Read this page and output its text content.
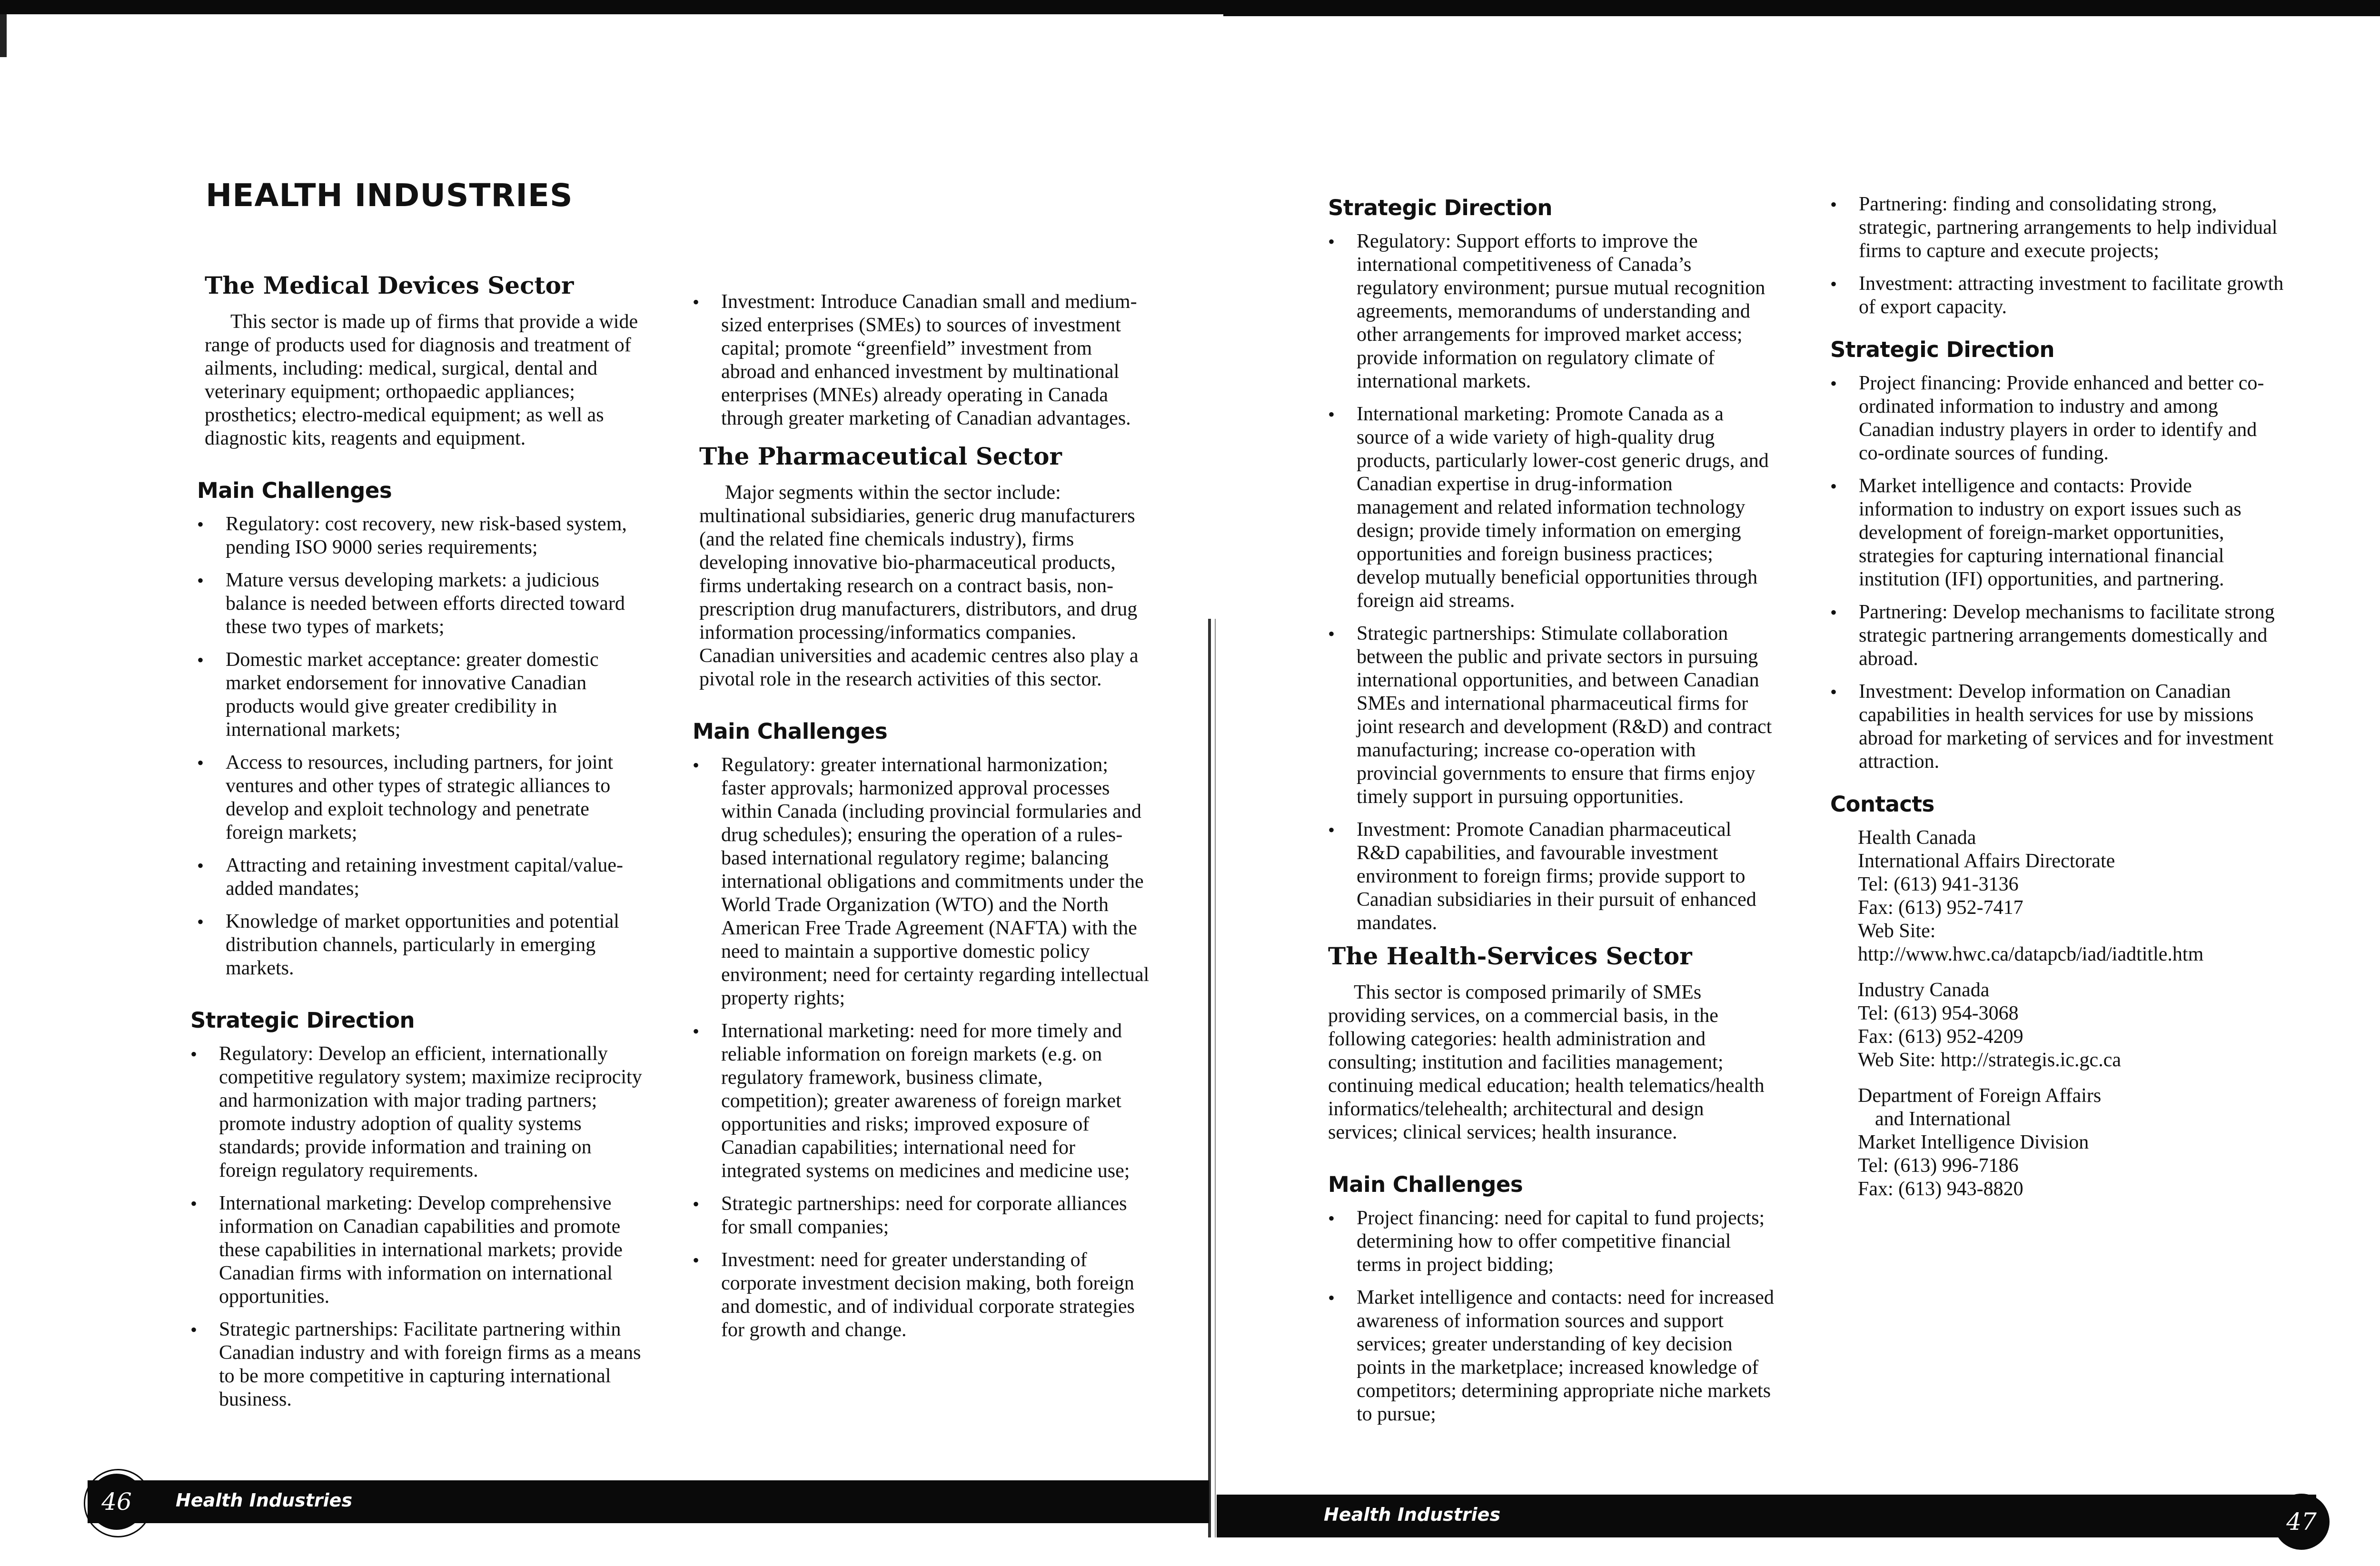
HEALTH INDUSTRIES
The Medical Devices Sector

This sector is made up of firms that provide a wide range of products used for diagnosis and treatment of ailments, including: medical, surgical, dental and veterinary equipment; orthopaedic appliances; prosthetics; electro-medical equipment; as well as diagnostic kits, reagents and equipment.

Main Challenges
• Regulatory: cost recovery, new risk-based system, pending ISO 9000 series requirements;
• Mature versus developing markets: a judicious balance is needed between efforts directed toward these two types of markets;
• Domestic market acceptance: greater domestic market endorsement for innovative Canadian products would give greater credibility in international markets;
• Access to resources, including partners, for joint ventures and other types of strategic alliances to develop and exploit technology and penetrate foreign markets;
• Attracting and retaining investment capital/value-added mandates;
• Knowledge of market opportunities and potential distribution channels, particularly in emerging markets.
Strategic Direction
• Regulatory: Develop an efficient, internationally competitive regulatory system; maximize reciprocity and harmonization with major trading partners; promote industry adoption of quality systems standards; provide information and training on foreign regulatory requirements.
• International marketing: Develop comprehensive information on Canadian capabilities and promote these capabilities in international markets; provide Canadian firms with information on international opportunities.
• Strategic partnerships: Facilitate partnering within Canadian industry and with foreign firms as a means to be more competitive in capturing international business.
• Investment: Introduce Canadian small and medium-sized enterprises (SMEs) to sources of investment capital; promote “greenfield” investment from abroad and enhanced investment by multinational enterprises (MNEs) already operating in Canada through greater marketing of Canadian advantages.
The Pharmaceutical Sector

Major segments within the sector include: multinational subsidiaries, generic drug manufacturers (and the related fine chemicals industry), firms developing innovative bio-pharmaceutical products, firms undertaking research on a contract basis, non-prescription drug manufacturers, distributors, and drug information processing/informatics companies. Canadian universities and academic centres also play a pivotal role in the research activities of this sector.

Main Challenges
• Regulatory: greater international harmonization; faster approvals; harmonized approval processes within Canada (including provincial formularies and drug schedules); ensuring the operation of a rules-based international regulatory regime; balancing international obligations and commitments under the World Trade Organization (WTO) and the North American Free Trade Agreement (NAFTA) with the need to maintain a supportive domestic policy environment; need for certainty regarding intellectual property rights;
• International marketing: need for more timely and reliable information on foreign markets (e.g. on regulatory framework, business climate, competition); greater awareness of foreign market opportunities and risks; improved exposure of Canadian capabilities; international need for integrated systems on medicines and medicine use;
• Strategic partnerships: need for corporate alliances for small companies;
• Investment: need for greater understanding of corporate investment decision making, both foreign and domestic, and of individual corporate strategies for growth and change.
Strategic Direction
• Regulatory: Support efforts to improve the international competitiveness of Canada’s regulatory environment; pursue mutual recognition agreements, memorandums of understanding and other arrangements for improved market access; provide information on regulatory climate of international markets.
• International marketing: Promote Canada as a source of a wide variety of high-quality drug products, particularly lower-cost generic drugs, and Canadian expertise in drug-information management and related information technology design; provide timely information on emerging opportunities and foreign business practices; develop mutually beneficial opportunities through foreign aid streams.
• Strategic partnerships: Stimulate collaboration between the public and private sectors in pursuing international opportunities, and between Canadian SMEs and international pharmaceutical firms for joint research and development (R&D) and contract manufacturing; increase co-operation with provincial governments to ensure that firms enjoy timely support in pursuing opportunities.
• Investment: Promote Canadian pharmaceutical R&D capabilities, and favourable investment environment to foreign firms; provide support to Canadian subsidiaries in their pursuit of enhanced mandates.
The Health-Services Sector

This sector is composed primarily of SMEs providing services, on a commercial basis, in the following categories: health administration and consulting; institution and facilities management; continuing medical education; health telematics/health informatics/telehealth; architectural and design services; clinical services; health insurance.

Main Challenges
• Project financing: need for capital to fund projects; determining how to offer competitive financial terms in project bidding;
• Market intelligence and contacts: need for increased awareness of information sources and support services; greater understanding of key decision points in the marketplace; increased knowledge of competitors; determining appropriate niche markets to pursue;
• Partnering: finding and consolidating strong, strategic, partnering arrangements to help individual firms to capture and execute projects;
• Investment: attracting investment to facilitate growth of export capacity.
Strategic Direction
• Project financing: Provide enhanced and better co-ordinated information to industry and among Canadian industry players in order to identify and co-ordinate sources of funding.
• Market intelligence and contacts: Provide information to industry on export issues such as development of foreign-market opportunities, strategies for capturing international financial institution (IFI) opportunities, and partnering.
• Partnering: Develop mechanisms to facilitate strong strategic partnering arrangements domestically and abroad.
• Investment: Develop information on Canadian capabilities in health services for use by missions abroad for marketing of services and for investment attraction.
Contacts
Health Canada
International Affairs Directorate
Tel: (613) 941-3136
Fax: (613) 952-7417
Web Site:
http://www.hwc.ca/datapcb/iad/iadtitle.htm
Industry Canada
Tel: (613) 954-3068
Fax: (613) 952-4209
Web Site: http://strategis.ic.gc.ca
Department of Foreign Affairs
and International
Market Intelligence Division
Tel: (613) 996-7186
Fax: (613) 943-8820
Health Industries
46	Health Industries	47
